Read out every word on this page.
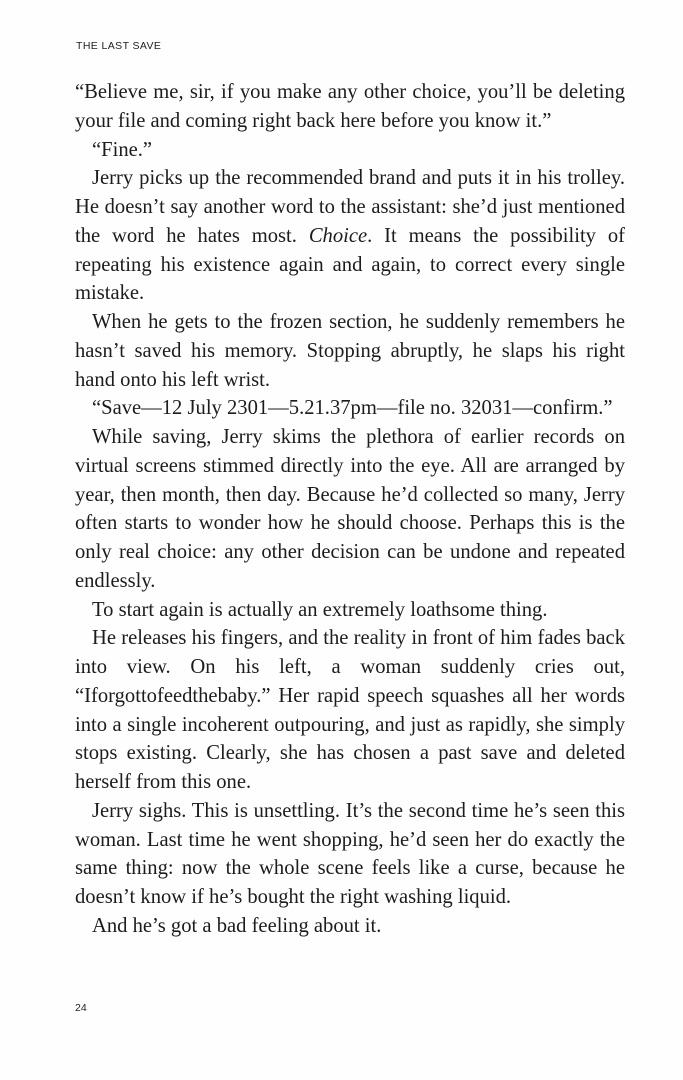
THE LAST SAVE

“Believe me, sir, if you make any other choice, you’ll be deleting your file and coming right back here before you know it.”

“Fine.”

Jerry picks up the recommended brand and puts it in his trolley. He doesn’t say another word to the assistant: she’d just mentioned the word he hates most. Choice. It means the possibility of repeating his existence again and again, to correct every single mistake.

When he gets to the frozen section, he suddenly remembers he hasn’t saved his memory. Stopping abruptly, he slaps his right hand onto his left wrist.

“Save—12 July 2301—5.21.37pm—file no. 32031—confirm.”

While saving, Jerry skims the plethora of earlier records on virtual screens stimmed directly into the eye. All are arranged by year, then month, then day. Because he’d collected so many, Jerry often starts to wonder how he should choose. Perhaps this is the only real choice: any other decision can be undone and repeated endlessly.

To start again is actually an extremely loathsome thing.

He releases his fingers, and the reality in front of him fades back into view. On his left, a woman suddenly cries out, “Iforgottofeedthebaby.” Her rapid speech squashes all her words into a single incoherent outpouring, and just as rapidly, she simply stops existing. Clearly, she has chosen a past save and deleted herself from this one.

Jerry sighs. This is unsettling. It’s the second time he’s seen this woman. Last time he went shopping, he’d seen her do exactly the same thing: now the whole scene feels like a curse, because he doesn’t know if he’s bought the right washing liquid.

And he’s got a bad feeling about it.

24
